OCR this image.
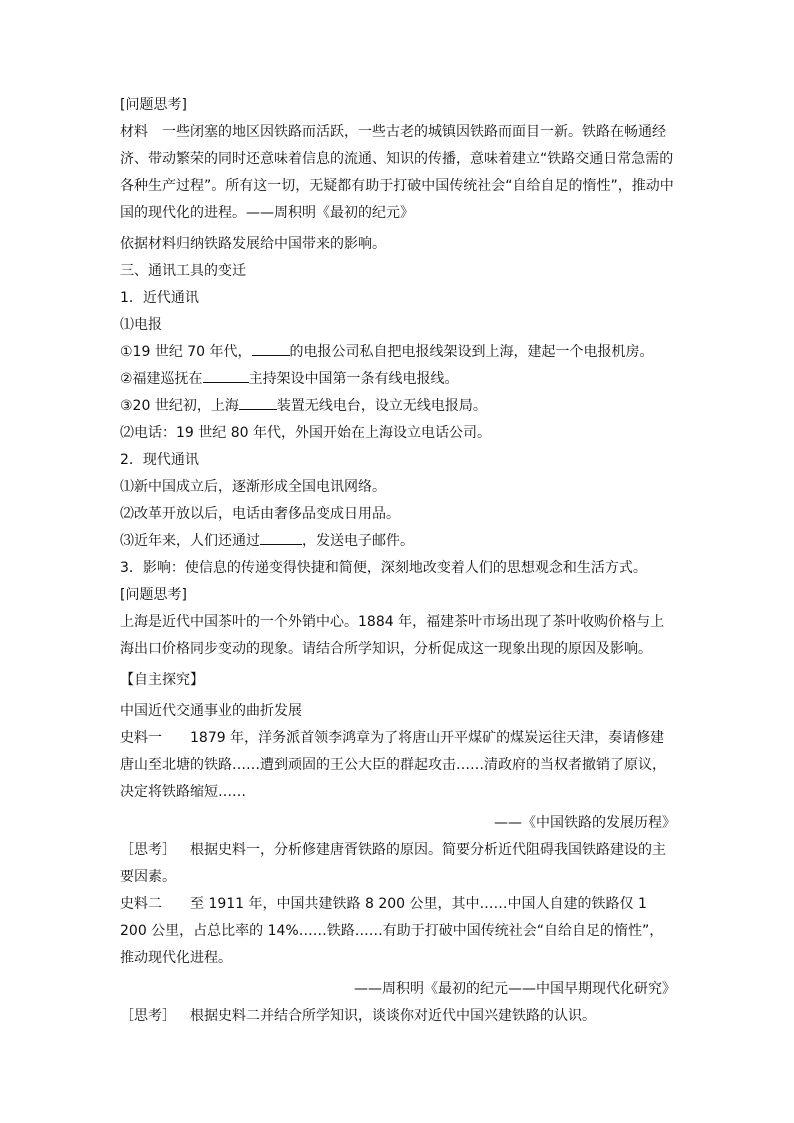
[问题思考]

材料 一些闭塞的地区因铁路而活跃，一些古老的城镇因铁路而面目一新。铁路在畅通经济、带动繁荣的同时还意味着信息的流通、知识的传播，意味着建立“铁路交通日常急需的各种生产过程”。所有这一切，无疑都有助于打破中国传统社会“自给自足的惰性”，推动中国的现代化的进程。——周积明《最初的纪元》

依据材料归纳铁路发展给中国带来的影响。

三、通讯工具的变迁

1．近代通讯

⑴电报

①19 世纪 70 年代，	的电报公司私自把电报线架设到上海，建起一个电报机房。

②福建巡抚在	主持架设中国第一条有线电报线。

③20 世纪初，上海	装置无线电台，设立无线电报局。

⑵电话：19 世纪 80 年代，外国开始在上海设立电话公司。

2．现代通讯

⑴新中国成立后，逐渐形成全国电讯网络。

⑵改革开放以后，电话由奢侈品变成日用品。

⑶近年来，人们还通过	，发送电子邮件。

3．影响：使信息的传递变得快捷和简便，深刻地改变着人们的思想观念和生活方式。

[问题思考]

上海是近代中国茶叶的一个外销中心。1884 年，福建茶叶市场出现了茶叶收购价格与上海出口价格同步变动的现象。请结合所学知识，分析促成这一现象出现的原因及影响。

【自主探究】

中国近代交通事业的曲折发展

史料一 1879 年，洋务派首领李鸿章为了将唐山开平煤矿的煤炭运往天津，奏请修建唐山至北塘的铁路……遭到顽固的王公大臣的群起攻击……清政府的当权者撤销了原议，决定将铁路缩短……

——《中国铁路的发展历程》

［思考］ 根据史料一，分析修建唐胥铁路的原因。简要分析近代阻碍我国铁路建设的主要因素。

史料二 至 1911 年，中国共建铁路 8 200 公里，其中……中国人自建的铁路仅 1 200 公里，占总比率的 14%……铁路……有助于打破中国传统社会“自给自足的惰性”，推动现代化进程。

——周积明《最初的纪元——中国早期现代化研究》

［思考］ 根据史料二并结合所学知识，谈谈你对近代中国兴建铁路的认识。
